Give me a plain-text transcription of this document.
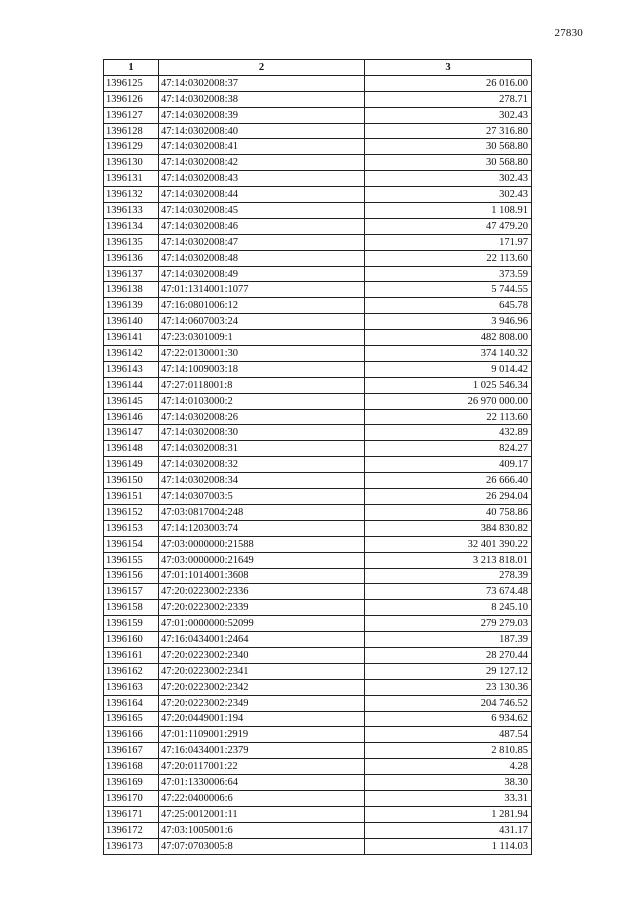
27830
1	2	3
1396125	47:14:0302008:37	26 016.00
1396126	47:14:0302008:38	278.71
1396127	47:14:0302008:39	302.43
1396128	47:14:0302008:40	27 316.80
1396129	47:14:0302008:41	30 568.80
1396130	47:14:0302008:42	30 568.80
1396131	47:14:0302008:43	302.43
1396132	47:14:0302008:44	302.43
1396133	47:14:0302008:45	1 108.91
1396134	47:14:0302008:46	47 479.20
1396135	47:14:0302008:47	171.97
1396136	47:14:0302008:48	22 113.60
1396137	47:14:0302008:49	373.59
1396138	47:01:1314001:1077	5 744.55
1396139	47:16:0801006:12	645.78
1396140	47:14:0607003:24	3 946.96
1396141	47:23:0301009:1	482 808.00
1396142	47:22:0130001:30	374 140.32
1396143	47:14:1009003:18	9 014.42
1396144	47:27:0118001:8	1 025 546.34
1396145	47:14:0103000:2	26 970 000.00
1396146	47:14:0302008:26	22 113.60
1396147	47:14:0302008:30	432.89
1396148	47:14:0302008:31	824.27
1396149	47:14:0302008:32	409.17
1396150	47:14:0302008:34	26 666.40
1396151	47:14:0307003:5	26 294.04
1396152	47:03:0817004:248	40 758.86
1396153	47:14:1203003:74	384 830.82
1396154	47:03:0000000:21588	32 401 390.22
1396155	47:03:0000000:21649	3 213 818.01
1396156	47:01:1014001:3608	278.39
1396157	47:20:0223002:2336	73 674.48
1396158	47:20:0223002:2339	8 245.10
1396159	47:01:0000000:52099	279 279.03
1396160	47:16:0434001:2464	187.39
1396161	47:20:0223002:2340	28 270.44
1396162	47:20:0223002:2341	29 127.12
1396163	47:20:0223002:2342	23 130.36
1396164	47:20:0223002:2349	204 746.52
1396165	47:20:0449001:194	6 934.62
1396166	47:01:1109001:2919	487.54
1396167	47:16:0434001:2379	2 810.85
1396168	47:20:0117001:22	4.28
1396169	47:01:1330006:64	38.30
1396170	47:22:0400006:6	33.31
1396171	47:25:0012001:11	1 281.94
1396172	47:03:1005001:6	431.17
1396173	47:07:0703005:8	1 114.03
